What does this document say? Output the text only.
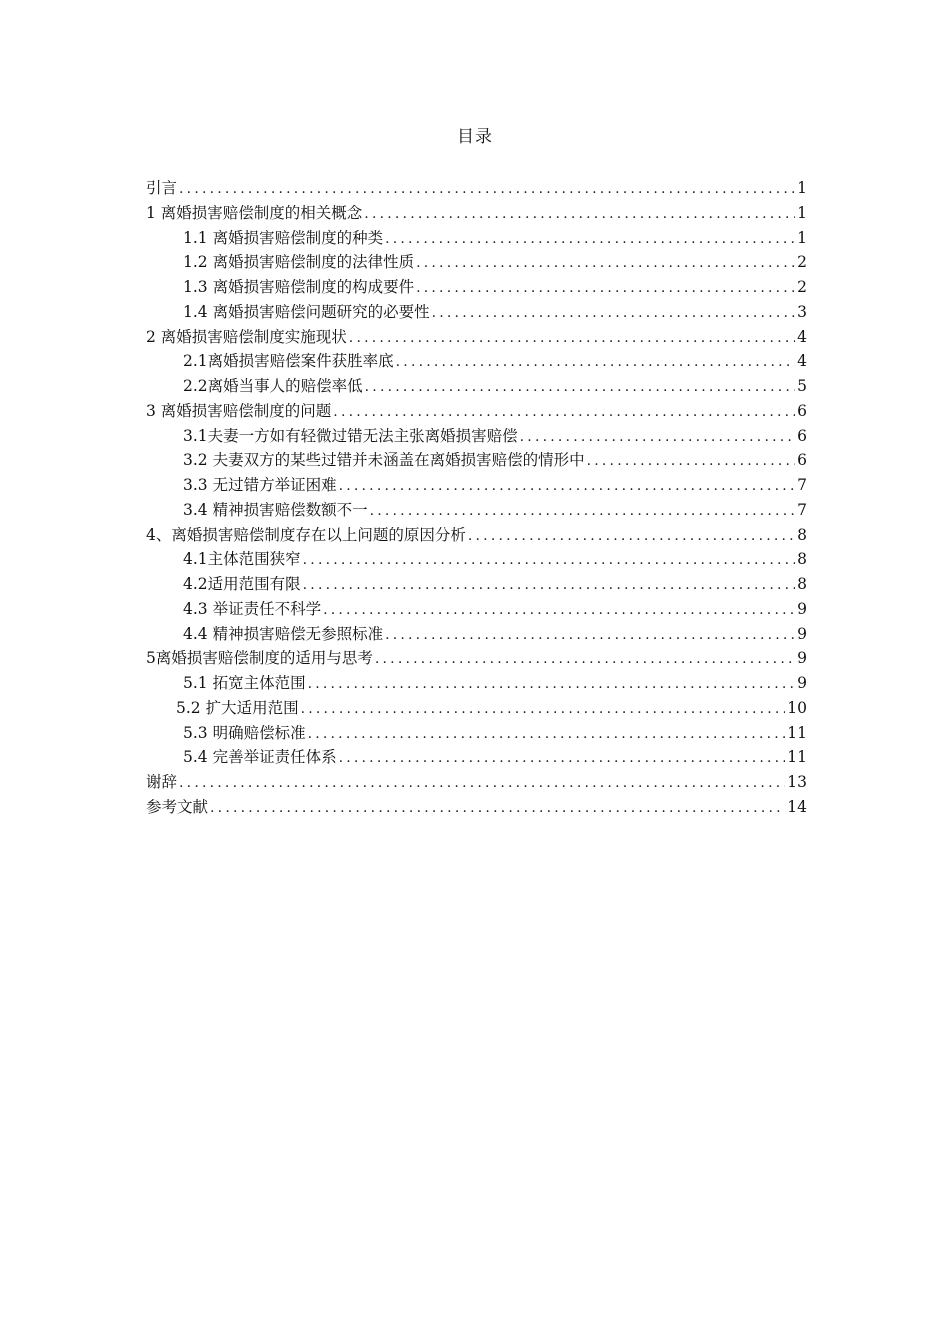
目录
引言 .....	1
1 离婚损害赔偿制度的相关概念 .....	1
1.1 离婚损害赔偿制度的种类 .....	1
1.2 离婚损害赔偿制度的法律性质 .....	2
1.3 离婚损害赔偿制度的构成要件 .....	2
1.4 离婚损害赔偿问题研究的必要性 .....	3
2 离婚损害赔偿制度实施现状 .....	4
2.1离婚损害赔偿案件获胜率底 .....	4
2.2离婚当事人的赔偿率低 .....	5
3 离婚损害赔偿制度的问题 .....	6
3.1夫妻一方如有轻微过错无法主张离婚损害赔偿 .....	6
3.2 夫妻双方的某些过错并未涵盖在离婚损害赔偿的情形中 .....	6
3.3 无过错方举证困难 .....	7
3.4 精神损害赔偿数额不一 .....	7
4、离婚损害赔偿制度存在以上问题的原因分析 .....	8
4.1主体范围狭窄 .....	8
4.2适用范围有限 .....	8
4.3 举证责任不科学 .....	9
4.4 精神损害赔偿无参照标准 .....	9
5离婚损害赔偿制度的适用与思考 .....	9
5.1 拓宽主体范围 .....	9
5.2 扩大适用范围 .....	10
5.3 明确赔偿标准 .....	11
5.4 完善举证责任体系 .....	11
谢辞 .....	13
参考文献 .....	14
